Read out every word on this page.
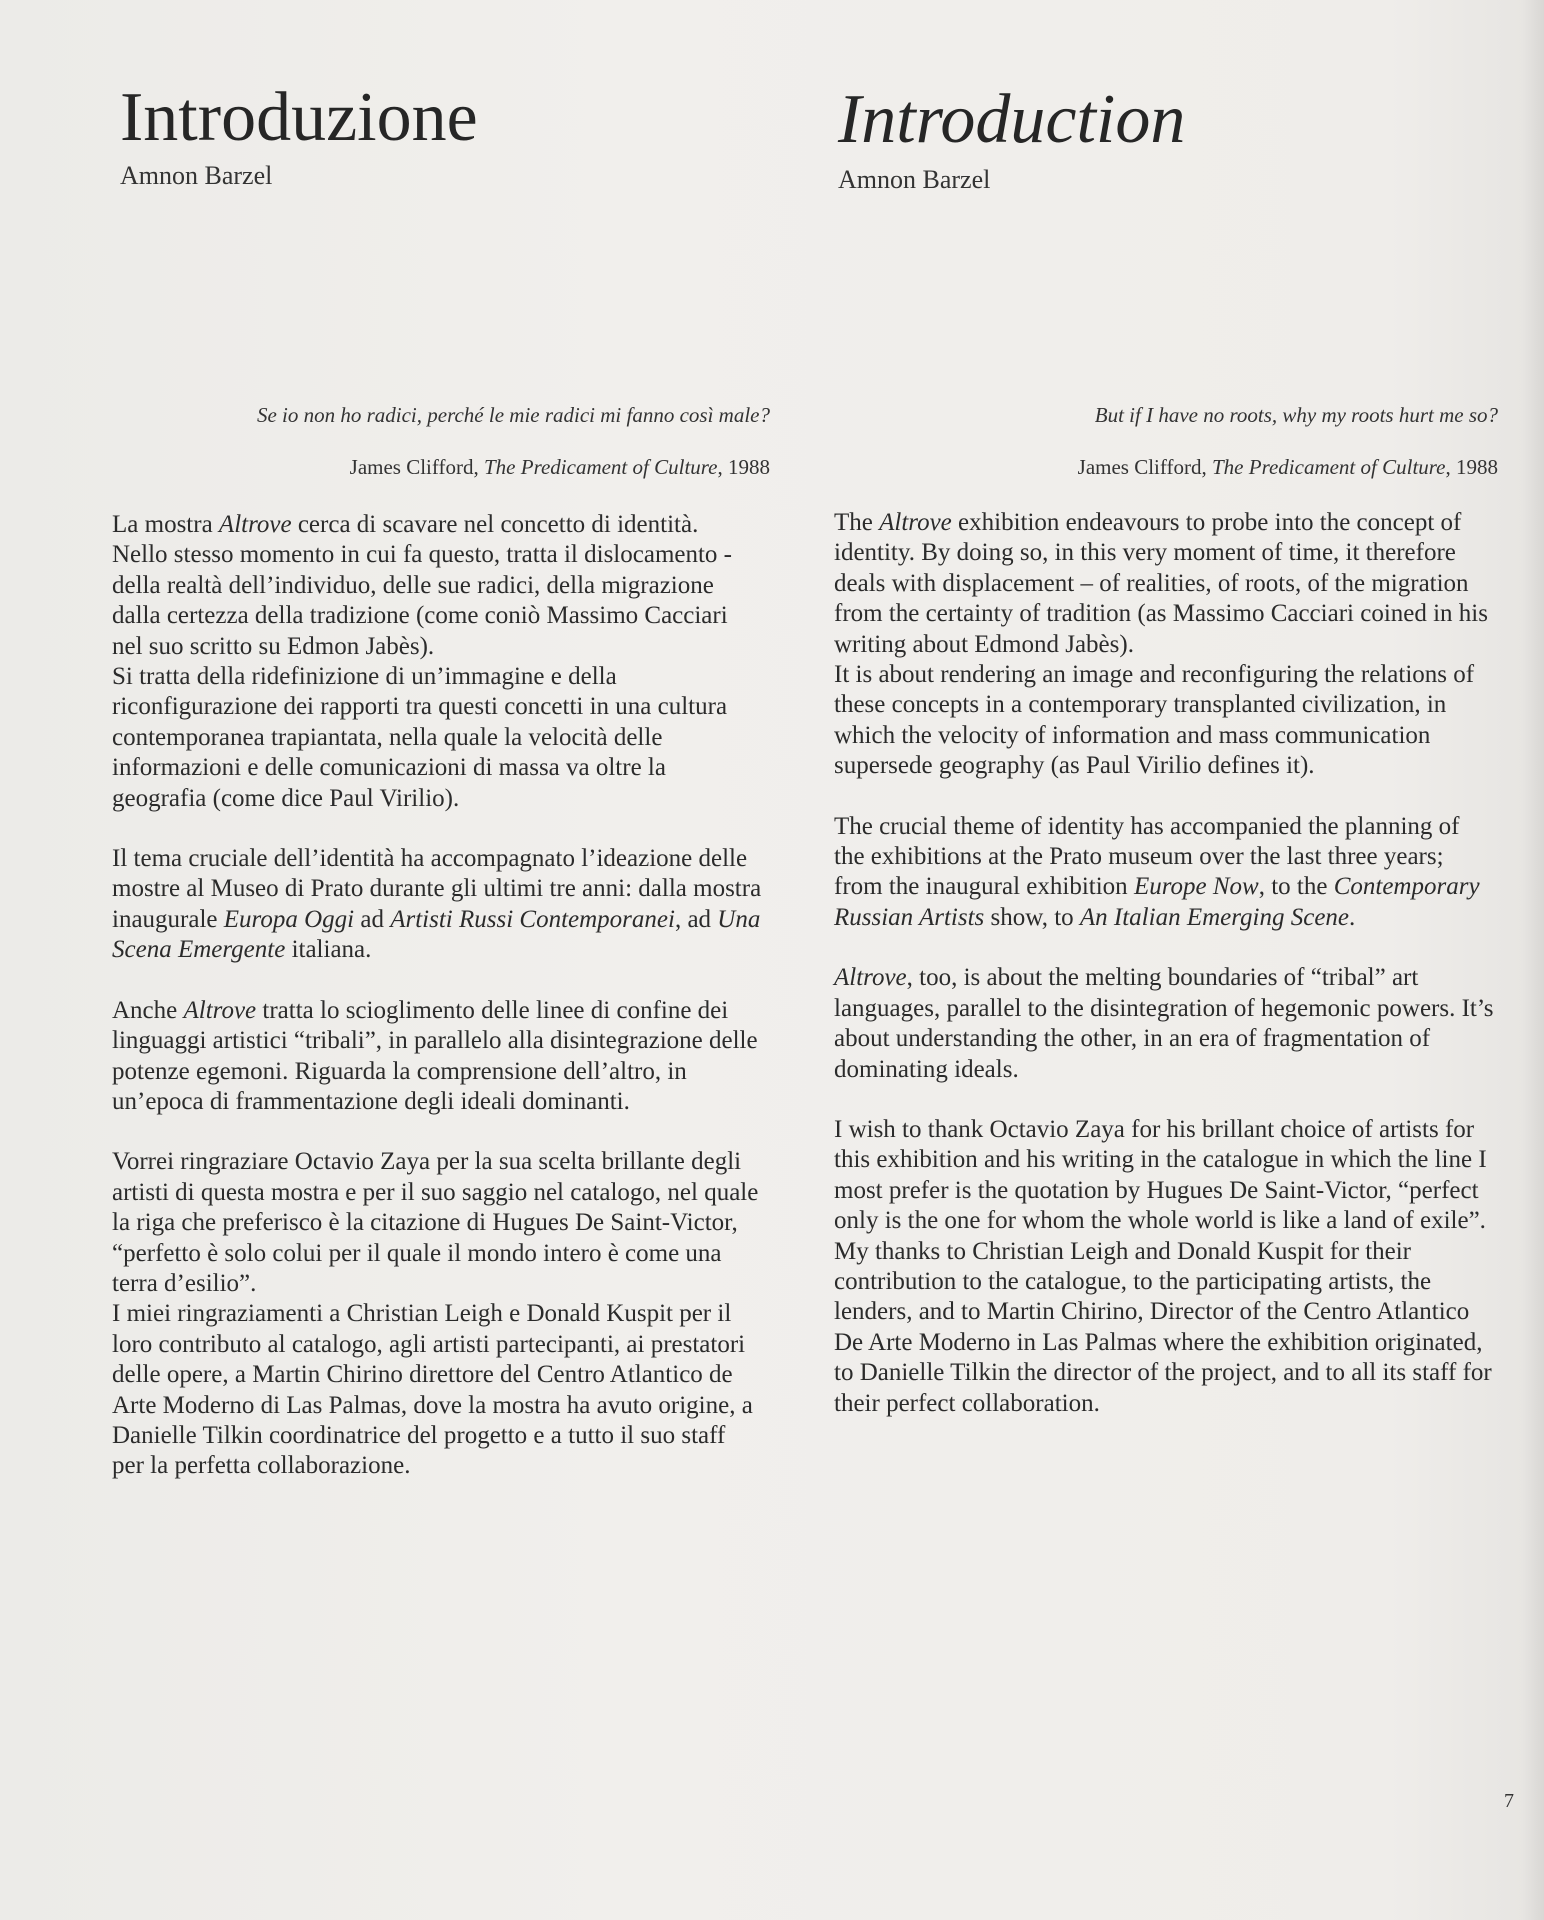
Introduzione
Amnon Barzel
Se io non ho radici, perché le mie radici mi fanno così male?
James Clifford, The Predicament of Culture, 1988

La mostra Altrove cerca di scavare nel concetto di identità.
Nello stesso momento in cui fa questo, tratta il dislocamento - della realtà dell’individuo, delle sue radici, della migrazione dalla certezza della tradizione (come coniò Massimo Cacciari nel suo scritto su Edmon Jabès).
Si tratta della ridefinizione di un’immagine e della riconfigurazione dei rapporti tra questi concetti in una cultura contemporanea trapiantata, nella quale la velocità delle informazioni e delle comunicazioni di massa va oltre la geografia (come dice Paul Virilio).

Il tema cruciale dell’identità ha accompagnato l’ideazione delle mostre al Museo di Prato durante gli ultimi tre anni: dalla mostra inaugurale Europa Oggi ad Artisti Russi Contemporanei, ad Una Scena Emergente italiana.

Anche Altrove tratta lo scioglimento delle linee di confine dei linguaggi artistici “tribali”, in parallelo alla disintegrazione delle potenze egemoni. Riguarda la comprensione dell’altro, in un’epoca di frammentazione degli ideali dominanti.

Vorrei ringraziare Octavio Zaya per la sua scelta brillante degli artisti di questa mostra e per il suo saggio nel catalogo, nel quale la riga che preferisco è la citazione di Hugues De Saint-Victor, “perfetto è solo colui per il quale il mondo intero è come una terra d’esilio”.
I miei ringraziamenti a Christian Leigh e Donald Kuspit per il loro contributo al catalogo, agli artisti partecipanti, ai prestatori delle opere, a Martin Chirino direttore del Centro Atlantico de Arte Moderno di Las Palmas, dove la mostra ha avuto origine, a Danielle Tilkin coordinatrice del progetto e a tutto il suo staff per la perfetta collaborazione.

Introduction
Amnon Barzel
But if I have no roots, why my roots hurt me so?
James Clifford, The Predicament of Culture, 1988

The Altrove exhibition endeavours to probe into the concept of identity. By doing so, in this very moment of time, it therefore deals with displacement – of realities, of roots, of the migration from the certainty of tradition (as Massimo Cacciari coined in his writing about Edmond Jabès).
It is about rendering an image and reconfiguring the relations of these concepts in a contemporary transplanted civilization, in which the velocity of information and mass communication supersede geography (as Paul Virilio defines it).

The crucial theme of identity has accompanied the planning of the exhibitions at the Prato museum over the last three years; from the inaugural exhibition Europe Now, to the Contemporary Russian Artists show, to An Italian Emerging Scene.

Altrove, too, is about the melting boundaries of “tribal” art languages, parallel to the disintegration of hegemonic powers. It’s about understanding the other, in an era of fragmentation of dominating ideals.

I wish to thank Octavio Zaya for his brillant choice of artists for this exhibition and his writing in the catalogue in which the line I most prefer is the quotation by Hugues De Saint-Victor, “perfect only is the one for whom the whole world is like a land of exile”. My thanks to Christian Leigh and Donald Kuspit for their contribution to the catalogue, to the participating artists, the lenders, and to Martin Chirino, Director of the Centro Atlantico De Arte Moderno in Las Palmas where the exhibition originated, to Danielle Tilkin the director of the project, and to all its staff for their perfect collaboration.

7
